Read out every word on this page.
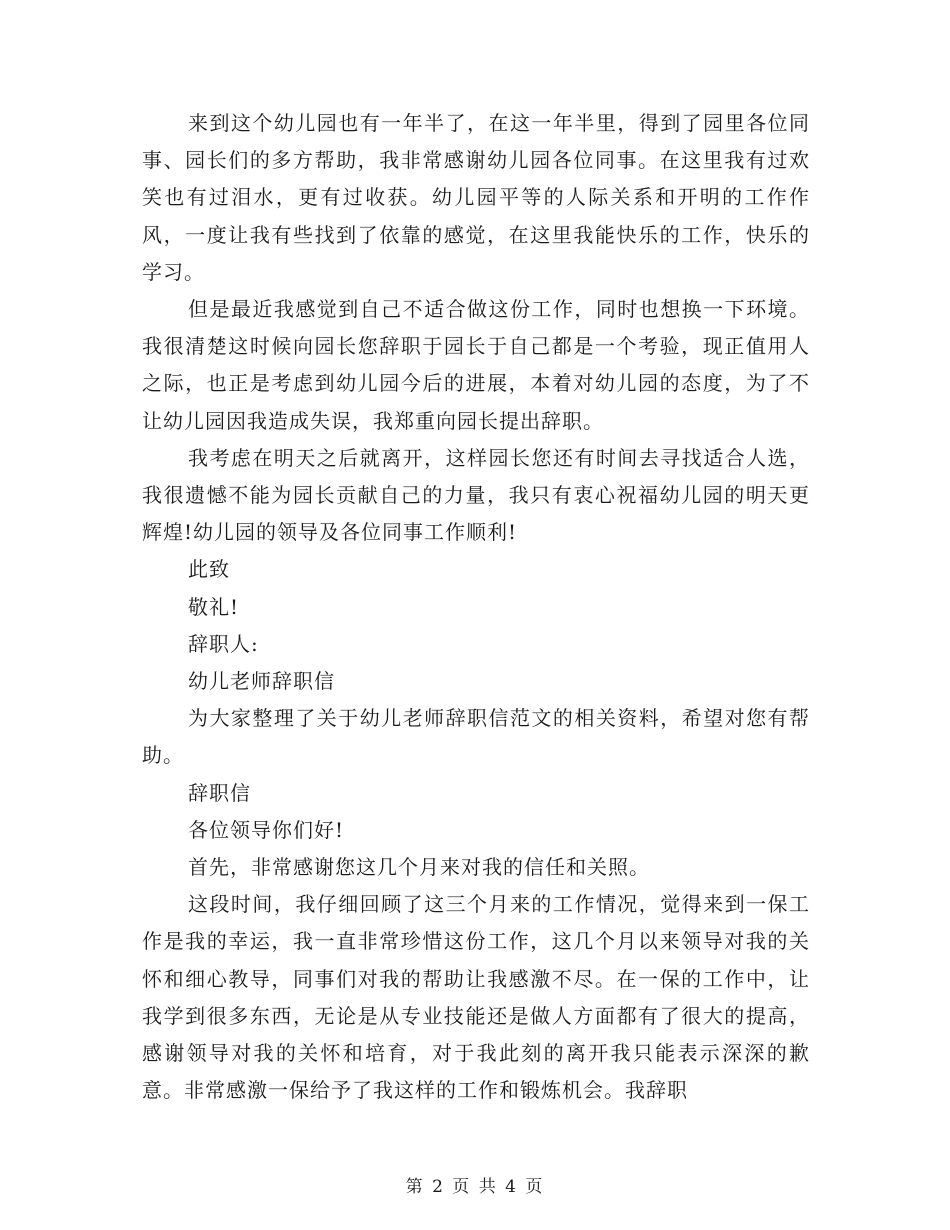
来到这个幼儿园也有一年半了，在这一年半里，得到了园里各位同事、园长们的多方帮助，我非常感谢幼儿园各位同事。在这里我有过欢笑也有过泪水，更有过收获。幼儿园平等的人际关系和开明的工作作风，一度让我有些找到了依靠的感觉，在这里我能快乐的工作，快乐的学习。

但是最近我感觉到自己不适合做这份工作，同时也想换一下环境。我很清楚这时候向园长您辞职于园长于自己都是一个考验，现正值用人之际，也正是考虑到幼儿园今后的进展，本着对幼儿园的态度，为了不让幼儿园因我造成失误，我郑重向园长提出辞职。

我考虑在明天之后就离开，这样园长您还有时间去寻找适合人选，我很遗憾不能为园长贡献自己的力量，我只有衷心祝福幼儿园的明天更辉煌!幼儿园的领导及各位同事工作顺利!

此致

敬礼!

辞职人:

幼儿老师辞职信

为大家整理了关于幼儿老师辞职信范文的相关资料，希望对您有帮助。

辞职信

各位领导你们好!

首先，非常感谢您这几个月来对我的信任和关照。

这段时间，我仔细回顾了这三个月来的工作情况，觉得来到一保工作是我的幸运，我一直非常珍惜这份工作，这几个月以来领导对我的关怀和细心教导，同事们对我的帮助让我感激不尽。在一保的工作中，让我学到很多东西，无论是从专业技能还是做人方面都有了很大的提高，感谢领导对我的关怀和培育，对于我此刻的离开我只能表示深深的歉意。非常感激一保给予了我这样的工作和锻炼机会。我辞职

第 2 页 共 4 页
